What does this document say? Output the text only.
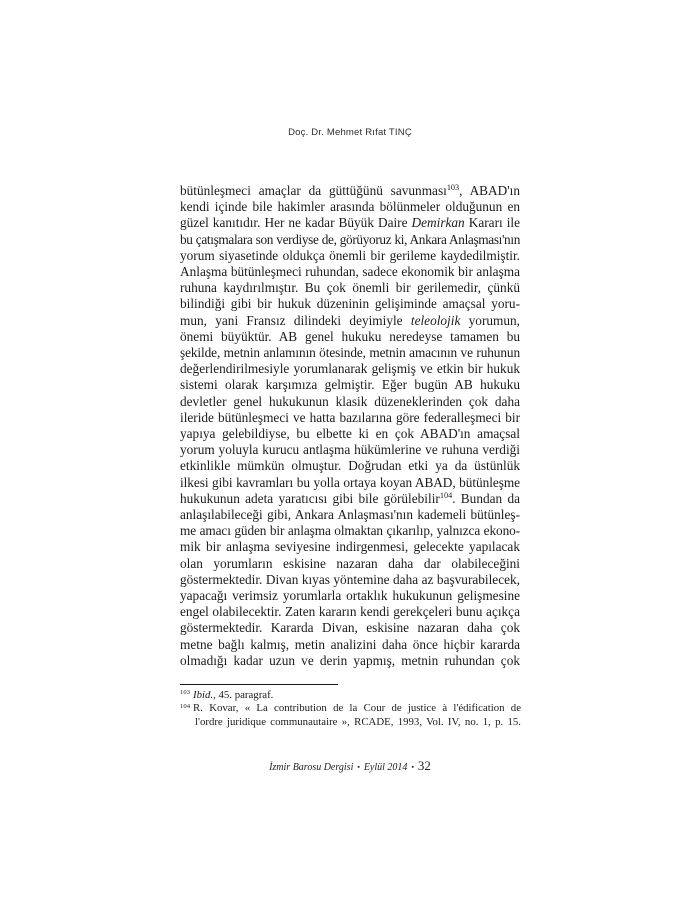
Doç. Dr. Mehmet Rıfat TINÇ
bütünleşmeci amaçlar da güttüğünü savunması$^{103}$, ABAD'ın
kendi içinde bile hakimler arasında bölünmeler olduğunun en
güzel kanıtıdır. Her ne kadar Büyük Daire Demirkan Kararı ile
bu çatışmalara son verdiyse de, görüyoruz ki, Ankara Anlaşması'nın
yorum siyasetinde oldukça önemli bir gerileme kaydedilmiştir.
Anlaşma bütünleşmeci ruhundan, sadece ekonomik bir anlaşma
ruhuna kaydırılmıştır. Bu çok önemli bir gerilemedir, çünkü
bilindiği gibi bir hukuk düzeninin gelişiminde amaçsal yoru-
mun, yani Fransız dilindeki deyimiyle teleolojik yorumun,
önemi büyüktür. AB genel hukuku neredeyse tamamen bu
şekilde, metnin anlamının ötesinde, metnin amacının ve ruhunun
değerlendirilmesiyle yorumlanarak gelişmiş ve etkin bir hukuk
sistemi olarak karşımıza gelmiştir. Eğer bugün AB hukuku
devletler genel hukukunun klasik düzeneklerinden çok daha
ileride bütünleşmeci ve hatta bazılarına göre federalleşmeci bir
yapıya gelebildiyse, bu elbette ki en çok ABAD'ın amaçsal
yorum yoluyla kurucu antlaşma hükümlerine ve ruhuna verdiği
etkinlikle mümkün olmuştur. Doğrudan etki ya da üstünlük
ilkesi gibi kavramları bu yolla ortaya koyan ABAD, bütünleşme
hukukunun adeta yaratıcısı gibi bile görülebilir$^{104}$. Bundan da
anlaşılabileceği gibi, Ankara Anlaşması'nın kademeli bütünleş-
me amacı güden bir anlaşma olmaktan çıkarılıp, yalnızca ekono-
mik bir anlaşma seviyesine indirgenmesi, gelecekte yapılacak
olan yorumların eskisine nazaran daha dar olabileceğini
göstermektedir. Divan kıyas yöntemine daha az başvurabilecek,
yapacağı verimsiz yorumlarla ortaklık hukukunun gelişmesine
engel olabilecektir. Zaten kararın kendi gerekçeleri bunu açıkça
göstermektedir. Kararda Divan, eskisine nazaran daha çok
metne bağlı kalmış, metin analizini daha önce hiçbir kararda
olmadığı kadar uzun ve derin yapmış, metnin ruhundan çok
$^{103}$ Ibid., 45. paragraf.
$^{104}$ R. Kovar, « La contribution de la Cour de justice à l'édification de
l'ordre juridique communautaire », RCADE, 1993, Vol. IV, no. 1, p. 15.
İzmir Barosu Dergisi ▪ Eylül 2014 ▪ 32
